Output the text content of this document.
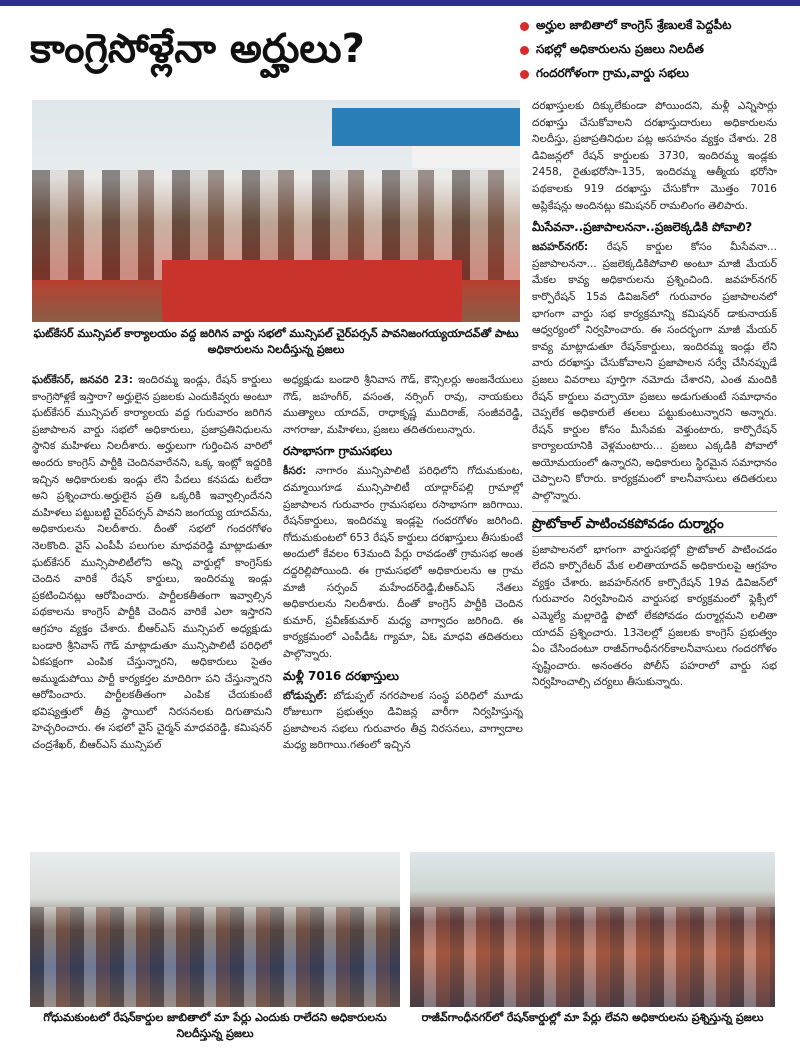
కాంగ్రెసోళ్లేనా అర్హులు?
అర్హుల జాబితాలో కాంగ్రెస్ శ్రేణులకే పెద్దపీట
సభల్లో అధికారులను ప్రజలు నిలదీత
గందరగోళంగా గ్రామ,వార్డు సభలు
ఘట్‌కేసర్ మున్సిపల్ కార్యాలయం వద్ద జరిగిన వార్డు సభలో మున్సిపల్ చైర్‌పర్సన్ పావనిజంగయ్యయాదవ్‌తో పాటు అధికారులను నిలదీస్తున్న ప్రజలు

ఘట్‌కేసర్, జనవరి 23: ఇందిరమ్మ ఇండ్లు, రేషన్ కార్డులు కాంగ్రెసోళ్లకే ఇస్తారా? అర్హులైన ప్రజలకు ఎందుకివ్వరు అంటూ ఘట్‌కేసర్ మున్సిపల్ కార్యాలయ వద్ద గురువారం జరిగిన ప్రజాపాలన వార్డు సభలో అధికారులు, ప్రజాప్రతినిధులను స్థానిక మహిళలు నిలదీశారు. అర్హులుగా గుర్తించిన వారిలో అందరు కాంగ్రెస్ పార్టీకి చెందినవారేనని, ఒక్క ఇంట్లో ఇద్దరికి ఇచ్చిన అధికారులకు ఇండ్లు లేని పేదలు కనపడు టలేదా అని ప్రశ్నించారు.అర్హులైన ప్రతి ఒక్కరికి ఇవ్వాల్సిందేనని మహిళలు పట్టుబట్టి చైర్‌పర్సన్ పావని జంగయ్య యాదవ్‌ను, అధికారులను నిలదీశారు. దీంతో సభలో గందరగోళం నెలకొంది. వైస్ ఎంపీపీ పలుగుల మాధవరెడ్డి మాట్లాడుతూ ఘట్‌కేసర్ మున్సిపాలిటీలోని అన్ని వార్డుల్లో కాంగ్రెస్‌కు చెందిన వారికే రేషన్ కార్డులు, ఇందిరమ్మ ఇండ్లు ప్రకటించినట్లు ఆరోపించారు. పార్టీలకతీతంగా ఇవ్వాల్సిన పథకాలను కాంగ్రెస్ పార్టీకి చెందిన వారికే ఎలా ఇస్తారని ఆగ్రహం వ్యక్తం చేశారు. బీఆర్ఎస్ మున్సిపల్ అధ్యక్షుడు బండారి శ్రీనివాస్ గౌడ్ మాట్లాడుతూ మున్సిపాలిటీ పరిధిలో ఏకపక్షంగా ఎంపిక చేస్తున్నారని, అధికారులు సైతం అమ్ముడుపోయి పార్టీ కార్యకర్తల మాదిరిగా పని చేస్తున్నారని ఆరోపించారు. పార్టీలకతీతంగా ఎంపిక చేయకుంటే భవిష్యత్తులో తీవ్ర స్థాయిలో నిరసనలకు దిగుతామని హెచ్చరించారు. ఈ సభలో వైస్ చైర్మన్ మాధవరెడ్డి, కమిషనర్ చంద్రశేఖర్, బీఆర్ఎస్ మున్సిపల్

అధ్యక్షుడు బండారి శ్రీనివాస గౌడ్, కౌన్సిలర్లు అంజనేయులు గౌడ్, జహంగీర్, వసంత, నర్సింగ్ రావు, నాయకులు ముత్యాలు యాదవ్, రాధాకృష్ణ ముదిరాజ్, సంజీవరెడ్డి, నాగరాజు, మహిళలు, ప్రజలు తదితరులున్నారు.

రసాభాసగా గ్రామసభలు

కీసర: నాగారం మున్సిపాలిటీ పరిధిలోని గోదుమకుంట, దమ్మాయిగూడ మున్సిపాలిటీ యాద్గార్‌పల్లి గ్రామాల్లో ప్రజాపాలన గురువారం గ్రామసభలు రసాభాసగా జరిగాయి. రేషన్‌కార్డులు, ఇందిరమ్మ ఇండ్లపై గందరగోళం జరిగింది. గోదుమకుంటలో 653 రేషన్ కార్డులు దరఖాస్తులు తీసుకుంటే అందులో కేవలం 63మంది పేర్లు రావడంతో గ్రామసభ అంత దద్దరిల్లిపోయింది. ఈ గ్రామసభలో అధికారులను ఆ గ్రామ మాజీ సర్పంచ్ మహేందర్‌రెడ్డి,బీఆర్ఎస్ నేతలు అధికారులను నిలదీశారు. దీంతో కాంగ్రెస్ పార్టీకి చెందిన కుమార్, ప్రవీణ్‌కుమార్ మధ్య వాగ్వాదం జరిగింది. ఈ కార్యక్రమంలో ఎంపీడీఓ గ్యామా, ఏఓ మాధవి తదితరులు పాల్గొన్నారు.

మళ్లీ 7016 దరఖాస్తులు

బోడుప్పల్: బోడుప్పల్ నగరపాలక సంస్థ పరిధిలో మూడు రోజులుగా ప్రభుత్వం డివిజన్ల వారీగా నిర్వహిస్తున్న ప్రజాపాలన సభలు గురువారం తీవ్ర నిరసనలు, వాగ్వాదాల మధ్య జరిగాయి.గతంలో ఇచ్చిన

దరఖాస్తులకు దిక్కులేకుండా పోయిందని, మళ్లీ ఎన్నిసార్లు దరఖాస్తు చేసుకోవాలని దరఖాస్తుదారులు అధికారులను నిలదీస్తు, ప్రజాప్రతినిధుల పట్ల అసహనం వ్యక్తం చేశారు. 28 డివిజన్లలో రేషన్ కార్డులకు 3730, ఇందిరమ్మ ఇండ్లకు 2458, రైతుభరోసా-135, ఇందిరమ్మ ఆత్మీయ భరోసా పథకాలకు 919 దరఖాస్తు చేసుకోగా మొత్తం 7016 అప్లికేషన్లు అందినట్లు కమిషనర్ రామలింగం తెలిపారు.

మీసేవనా..ప్రజాపాలననా..ప్రజలెక్కడికి పోవాలి?

జవహర్‌నగర్: రేషన్ కార్డుల కోసం మీసేవనా... ప్రజాపాలననా... ప్రజలెక్కడికిపోవాలి అంటూ మాజీ మేయర్ మేకల కావ్య అధికారులను ప్రశ్నించింది. జవహర్‌నగర్ కార్పొరేషన్ 15వ డివిజన్‌లో గురువారం ప్రజాపాలనలో భాగంగా వార్డు సభ కార్యక్రమాన్ని కమిషనర్ డాకునాయక్ ఆధ్వర్యంలో నిర్వహించారు. ఈ సందర్భంగా మాజీ మేయర్ కావ్య మాట్లాడుతూ రేషన్‌కార్డులు, ఇందిరమ్మ ఇండ్లు లేని వారు దరఖాస్తు చేసుకోవాలని ప్రజాపాలన సర్వే చేసినప్పుడే ప్రజలు వివరాలు పూర్తిగా నమోదు చేశారని, ఎంత మందికి రేషన్ కార్డులు వచ్చాయో ప్రజలు అడుగుతుంటే సమాధానం చెప్పలేక అధికారులే తలలు పట్టుకుంటున్నారని అన్నారు. రేషన్ కార్డుల కోసం మీసేవకు వెళ్తుంటారు, కార్పొరేషన్ కార్యాలయానికి వెళ్లమంటారు... ప్రజలు ఎక్కడికి పోవాలో అయోమయంలో ఉన్నారని, అధికారులు స్థిరమైన సమాధానం చెప్పాలని కోరారు. కార్యక్రమంలో కాలనీవాసులు తదితరులు పాల్గొన్నారు.

ప్రొటోకాల్ పాటించకపోవడం దుర్మార్గం

ప్రజాపాలనలో భాగంగా వార్డుసభల్లో ప్రొటోకాల్ పాటించడం లేదని కార్పొరేటర్ మేక లలితాయాదవ్ అధికారులపై ఆగ్రహం వ్యక్తం చేశారు. జవహర్‌నగర్ కార్పొరేషన్ 19వ డివిజన్‌లో గురువారం నిర్వహించిన వార్డుసభ కార్యక్రమంలో ఫ్లెక్సీలో ఎమ్మెల్యే మల్లారెడ్డి ఫొటో లేకపోవడం దుర్మార్గమని లలితా యాదవ్ ప్రశ్నించారు. 13నెలల్లో ప్రజలకు కాంగ్రెస్ ప్రభుత్వం ఏం చేసిందంటూ రాజీవ్‌గాంధీనగర్‌కాలనీవాసులు గందరగోళం సృష్టించారు. అనంతరం పోలీస్ పహరాలో వార్డు సభ నిర్వహించాల్సి చర్యలు తీసుకున్నారు.

గోధుమకుంటలో రేషన్‌కార్డుల జాబితాలో మా పేర్లు ఎందుకు రాలేదని అధికారులను నిలదీస్తున్న ప్రజలు
రాజీవ్‌గాంధీనగర్‌లో రేషన్‌కార్డుల్లో మా పేర్లు లేవని అధికారులను ప్రశ్నిస్తున్న ప్రజలు
